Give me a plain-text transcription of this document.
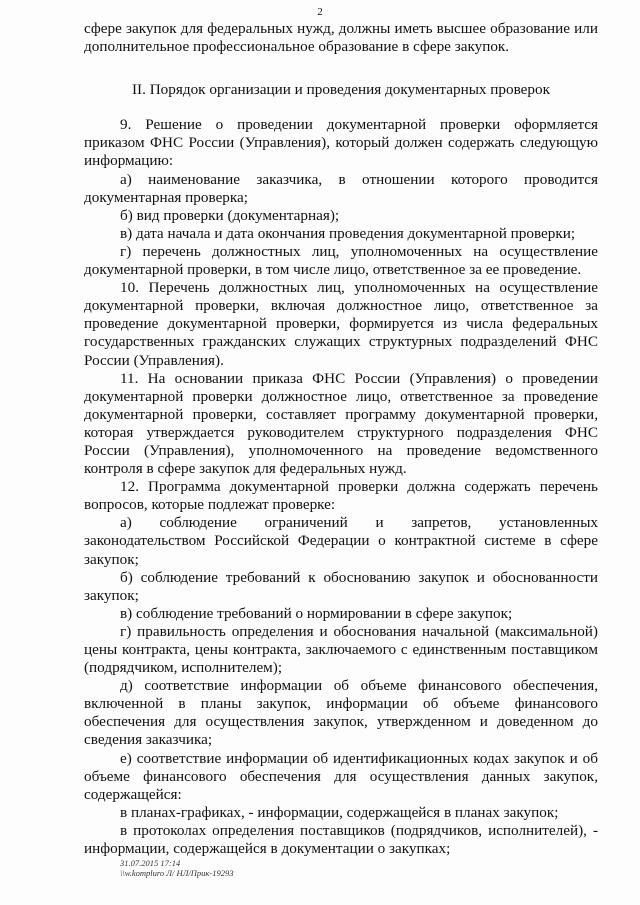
2

сфере закупок для федеральных нужд, должны иметь высшее образование или дополнительное профессиональное образование в сфере закупок.

II. Порядок организации и проведения документарных проверок

9. Решение о проведении документарной проверки оформляется приказом ФНС России (Управления), который должен содержать следующую информацию:

а) наименование заказчика, в отношении которого проводится документарная проверка;

б) вид проверки (документарная);

в) дата начала и дата окончания проведения документарной проверки;

г) перечень должностных лиц, уполномоченных на осуществление документарной проверки, в том числе лицо, ответственное за ее проведение.

10. Перечень должностных лиц, уполномоченных на осуществление документарной проверки, включая должностное лицо, ответственное за проведение документарной проверки, формируется из числа федеральных государственных гражданских служащих структурных подразделений ФНС России (Управления).

11. На основании приказа ФНС России (Управления) о проведении документарной проверки должностное лицо, ответственное за проведение документарной проверки, составляет программу документарной проверки, которая утверждается руководителем структурного подразделения ФНС России (Управления), уполномоченного на проведение ведомственного контроля в сфере закупок для федеральных нужд.

12. Программа документарной проверки должна содержать перечень вопросов, которые подлежат проверке:

а) соблюдение ограничений и запретов, установленных законодательством Российской Федерации о контрактной системе в сфере закупок;

б) соблюдение требований к обоснованию закупок и обоснованности закупок;

в) соблюдение требований о нормировании в сфере закупок;

г) правильность определения и обоснования начальной (максимальной) цены контракта, цены контракта, заключаемого с единственным поставщиком (подрядчиком, исполнителем);

д) соответствие информации об объеме финансового обеспечения, включенной в планы закупок, информации об объеме финансового обеспечения для осуществления закупок, утвержденном и доведенном до сведения заказчика;

е) соответствие информации об идентификационных кодах закупок и об объеме финансового обеспечения для осуществления данных закупок, содержащейся:

в планах-графиках, - информации, содержащейся в планах закупок;

в протоколах определения поставщиков (подрядчиков, исполнителей), - информации, содержащейся в документации о закупках;

31.07.2015 17:14
\\w.kompluro Л/ НЛ/Прик-19293
